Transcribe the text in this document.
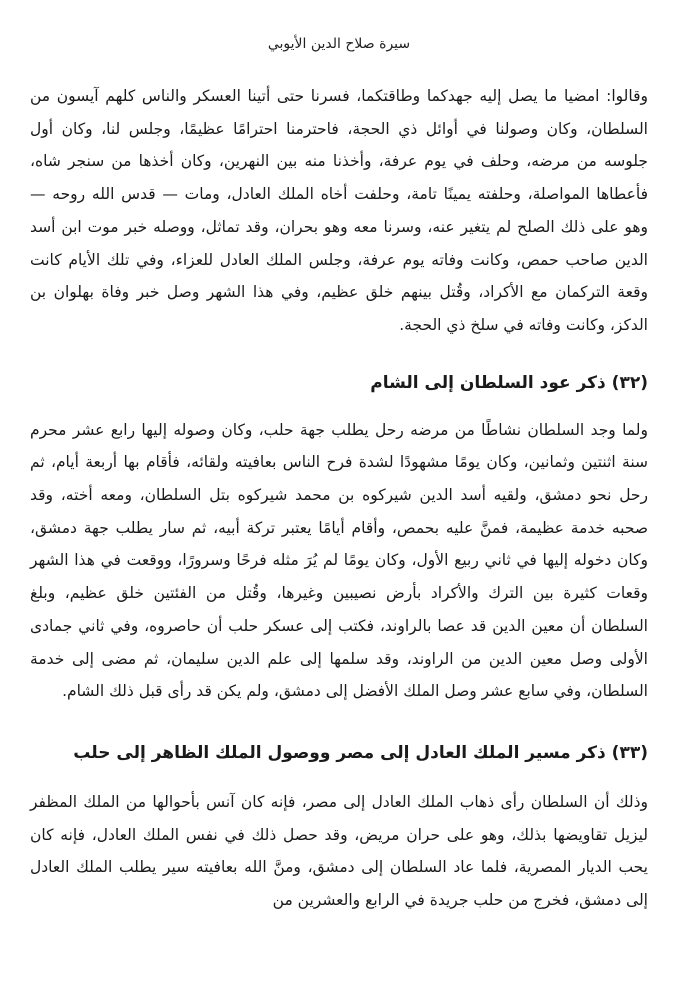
سيرة صلاح الدين الأيوبي

وقالوا: امضيا ما يصل إليه جهدكما وطاقتكما، فسرنا حتى أتينا العسكر والناس كلهم آيسون من السلطان، وكان وصولنا في أوائل ذي الحجة، فاحترمنا احترامًا عظيمًا، وجلس لنا، وكان أول جلوسه من مرضه، وحلف في يوم عرفة، وأخذنا منه بين النهرين، وكان أخذها من سنجر شاه، فأعطاها المواصلة، وحلفته يمينًا تامة، وحلفت أخاه الملك العادل، ومات — قدس الله روحه — وهو على ذلك الصلح لم يتغير عنه، وسرنا معه وهو بحران، وقد تماثل، ووصله خبر موت ابن أسد الدين صاحب حمص، وكانت وفاته يوم عرفة، وجلس الملك العادل للعزاء، وفي تلك الأيام كانت وقعة التركمان مع الأكراد، وقُتل بينهم خلق عظيم، وفي هذا الشهر وصل خبر وفاة بهلوان بن الدكز، وكانت وفاته في سلخ ذي الحجة.

(٣٢) ذكر عود السلطان إلى الشام

ولما وجد السلطان نشاطًا من مرضه رحل يطلب جهة حلب، وكان وصوله إليها رابع عشر محرم سنة اثنتين وثمانين، وكان يومًا مشهودًا لشدة فرح الناس بعافيته ولقائه، فأقام بها أربعة أيام، ثم رحل نحو دمشق، ولقيه أسد الدين شيركوه بن محمد شيركوه بتل السلطان، ومعه أخته، وقد صحبه خدمة عظيمة، فمنَّ عليه بحمص، وأقام أيامًا يعتبر تركة أبيه، ثم سار يطلب جهة دمشق، وكان دخوله إليها في ثاني ربيع الأول، وكان يومًا لم يُرَ مثله فرحًا وسرورًا، ووقعت في هذا الشهر وقعات كثيرة بين الترك والأكراد بأرض نصيبين وغيرها، وقُتل من الفئتين خلق عظيم، وبلغ السلطان أن معين الدين قد عصا بالراوند، فكتب إلى عسكر حلب أن حاصروه، وفي ثاني جمادى الأولى وصل معين الدين من الراوند، وقد سلمها إلى علم الدين سليمان، ثم مضى إلى خدمة السلطان، وفي سابع عشر وصل الملك الأفضل إلى دمشق، ولم يكن قد رأى قبل ذلك الشام.

(٣٣) ذكر مسير الملك العادل إلى مصر ووصول الملك الظاهر إلى حلب

وذلك أن السلطان رأى ذهاب الملك العادل إلى مصر، فإنه كان آنس بأحوالها من الملك المظفر ليزيل تقاويضها بذلك، وهو على حران مريض، وقد حصل ذلك في نفس الملك العادل، فإنه كان يحب الديار المصرية، فلما عاد السلطان إلى دمشق، ومنَّ الله بعافيته سير يطلب الملك العادل إلى دمشق، فخرج من حلب جريدة في الرابع والعشرين من
